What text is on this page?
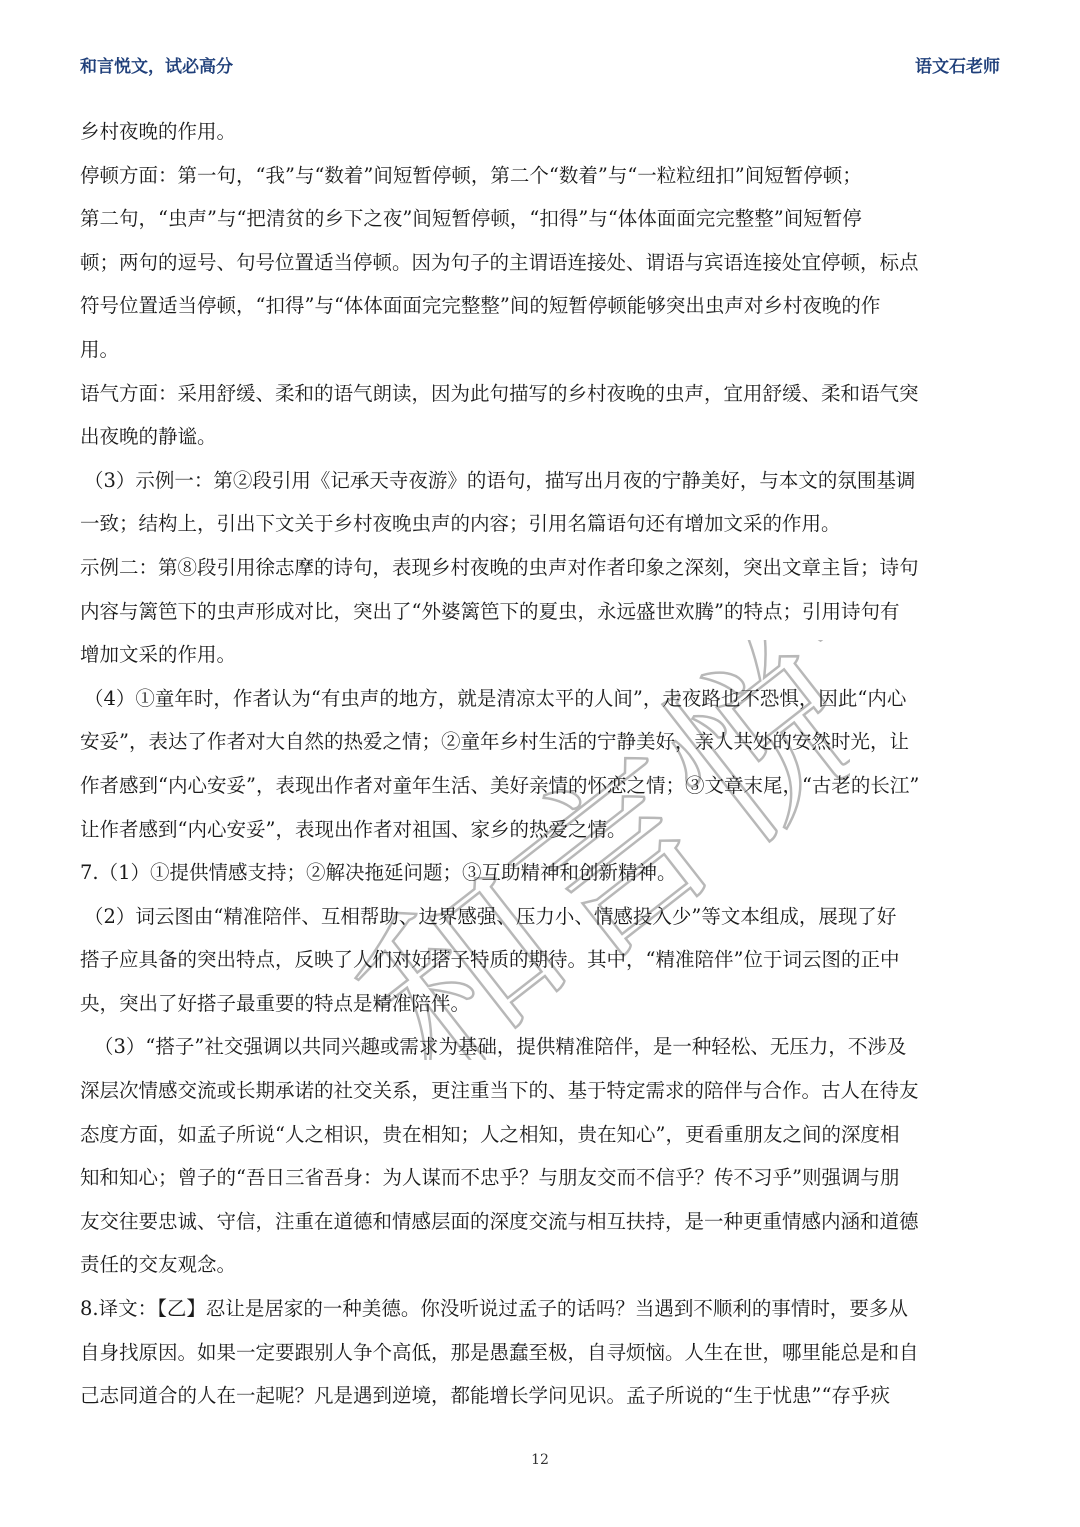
和言悦文，试必高分	语文石老师
和言悦文
乡村夜晚的作用。
停顿方面：第一句，“我”与“数着”间短暂停顿，第二个“数着”与“一粒粒纽扣”间短暂停顿；
第二句，“虫声”与“把清贫的乡下之夜”间短暂停顿，“扣得”与“体体面面完完整整”间短暂停
顿；两句的逗号、句号位置适当停顿。因为句子的主谓语连接处、谓语与宾语连接处宜停顿，标点
符号位置适当停顿，“扣得”与“体体面面完完整整”间的短暂停顿能够突出虫声对乡村夜晚的作
用。
语气方面：采用舒缓、柔和的语气朗读，因为此句描写的乡村夜晚的虫声，宜用舒缓、柔和语气突
出夜晚的静谧。
（3）示例一：第②段引用《记承天寺夜游》的语句，描写出月夜的宁静美好，与本文的氛围基调
一致；结构上，引出下文关于乡村夜晚虫声的内容；引用名篇语句还有增加文采的作用。
示例二：第⑧段引用徐志摩的诗句，表现乡村夜晚的虫声对作者印象之深刻，突出文章主旨；诗句
内容与篱笆下的虫声形成对比，突出了“外婆篱笆下的夏虫，永远盛世欢腾”的特点；引用诗句有
增加文采的作用。
（4）①童年时，作者认为“有虫声的地方，就是清凉太平的人间”，走夜路也不恐惧，因此“内心
安妥”，表达了作者对大自然的热爱之情；②童年乡村生活的宁静美好，亲人共处的安然时光，让
作者感到“内心安妥”，表现出作者对童年生活、美好亲情的怀恋之情；③文章末尾，“古老的长江”
让作者感到“内心安妥”，表现出作者对祖国、家乡的热爱之情。
7.（1）①提供情感支持；②解决拖延问题；③互助精神和创新精神。
（2）词云图由“精准陪伴、互相帮助、边界感强、压力小、情感投入少”等文本组成，展现了好
搭子应具备的突出特点，反映了人们对好搭子特质的期待。其中，“精准陪伴”位于词云图的正中
央，突出了好搭子最重要的特点是精准陪伴。
（3）“搭子”社交强调以共同兴趣或需求为基础，提供精准陪伴，是一种轻松、无压力，不涉及
深层次情感交流或长期承诺的社交关系，更注重当下的、基于特定需求的陪伴与合作。古人在待友
态度方面，如孟子所说“人之相识，贵在相知；人之相知，贵在知心”，更看重朋友之间的深度相
知和知心；曾子的“吾日三省吾身：为人谋而不忠乎？与朋友交而不信乎？传不习乎”则强调与朋
友交往要忠诚、守信，注重在道德和情感层面的深度交流与相互扶持，是一种更重情感内涵和道德
责任的交友观念。
8.译文：【乙】忍让是居家的一种美德。你没听说过孟子的话吗？当遇到不顺利的事情时，要多从
自身找原因。如果一定要跟别人争个高低，那是愚蠢至极，自寻烦恼。人生在世，哪里能总是和自
己志同道合的人在一起呢？凡是遇到逆境，都能增长学问见识。孟子所说的“生于忧患”“存乎疢
12
